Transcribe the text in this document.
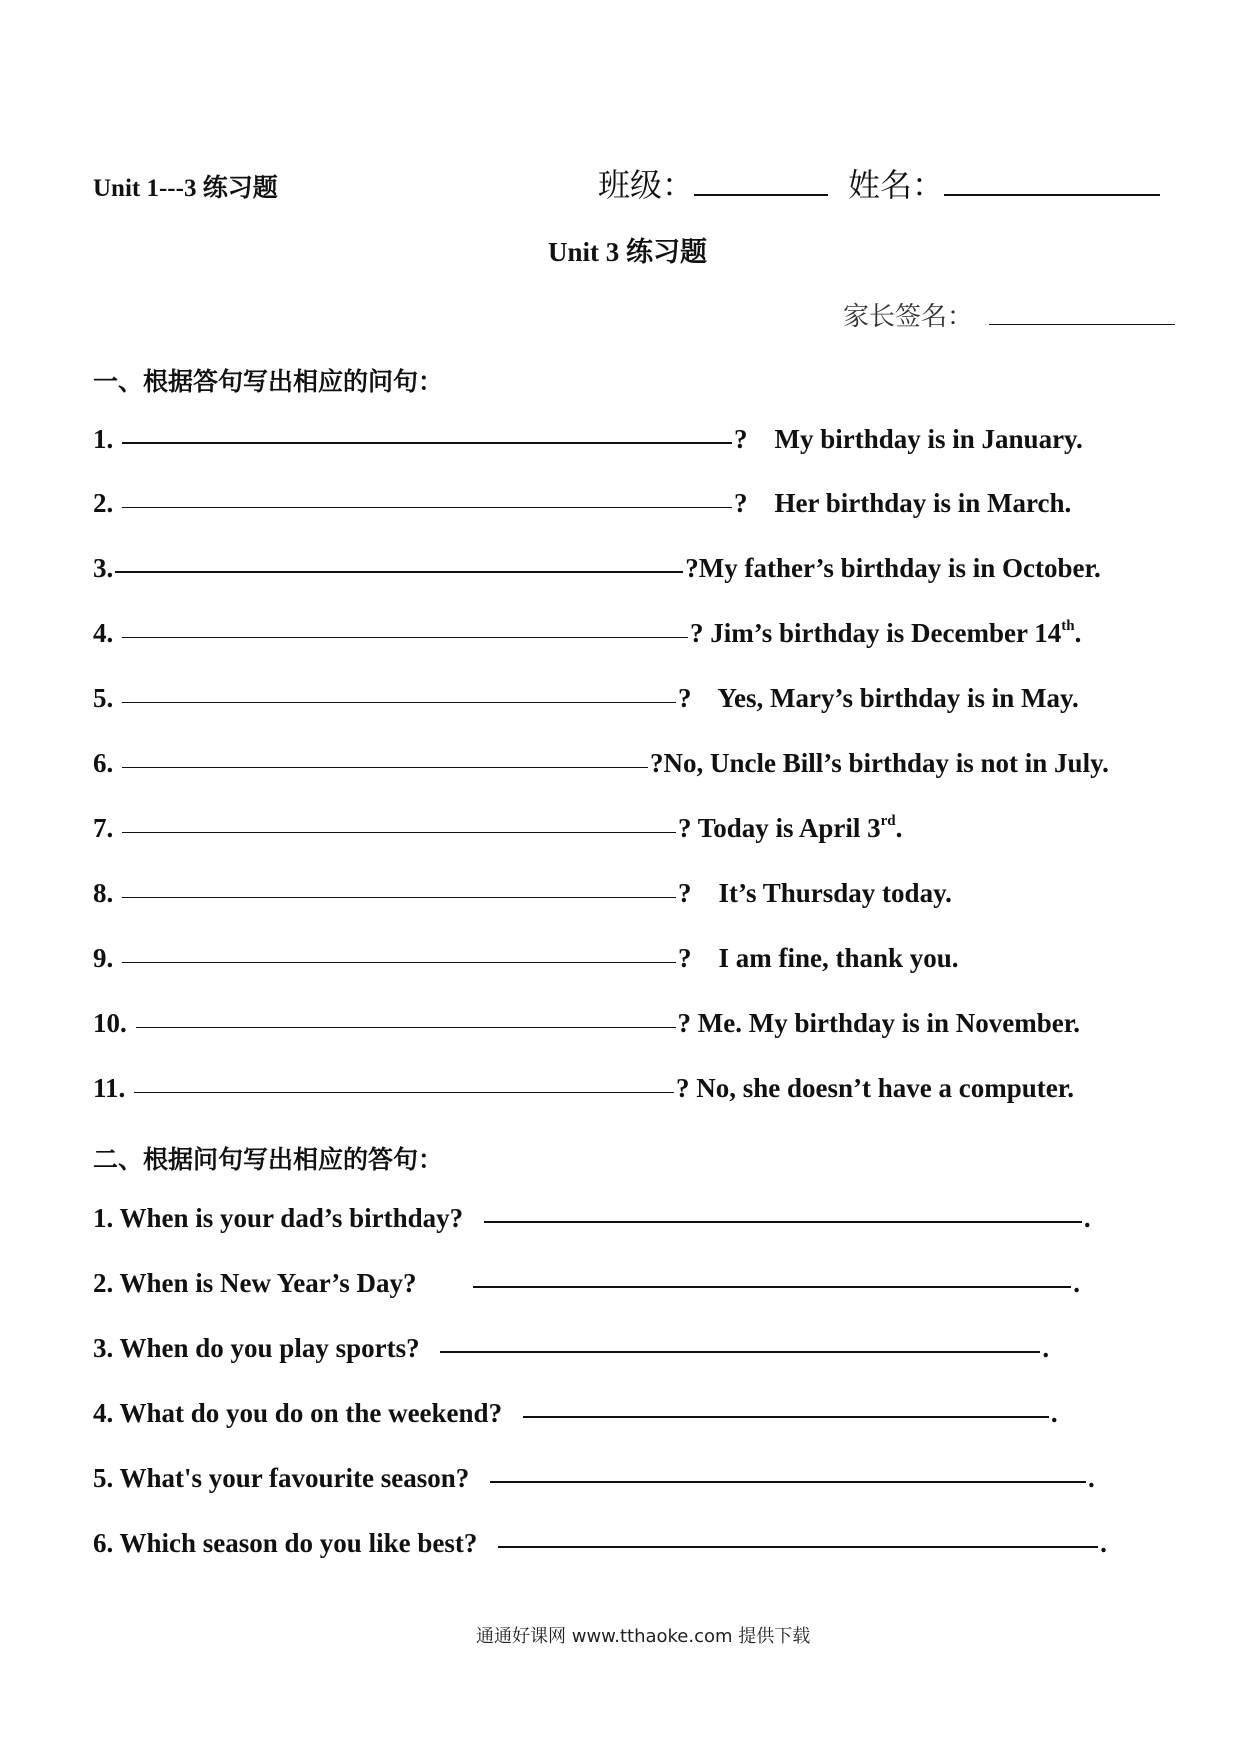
Unit 1---3 练习题	班级：	姓名：
Unit 3 练习题
家长签名：
一、根据答句写出相应的问句：
1.	?    My birthday is in January.
2.	?    Her birthday is in March.
3.	?My father’s birthday is in October.
4.	? Jim’s birthday is December 14th.
5.	?    Yes, Mary’s birthday is in May.
6.	?No, Uncle Bill’s birthday is not in July.
7.	? Today is April 3rd.
8.	?    It’s Thursday today.
9.	?    I am fine, thank you.
10.	? Me. My birthday is in November.
11.	? No, she doesn’t have a computer.
二、根据问句写出相应的答句：
1. When is your dad’s birthday?	.
2. When is New Year’s Day?	.
3. When do you play sports?	.
4. What do you do on the weekend?	.
5. What's your favourite season?	.
6. Which season do you like best?	.
通通好课网 www.tthaoke.com 提供下载
